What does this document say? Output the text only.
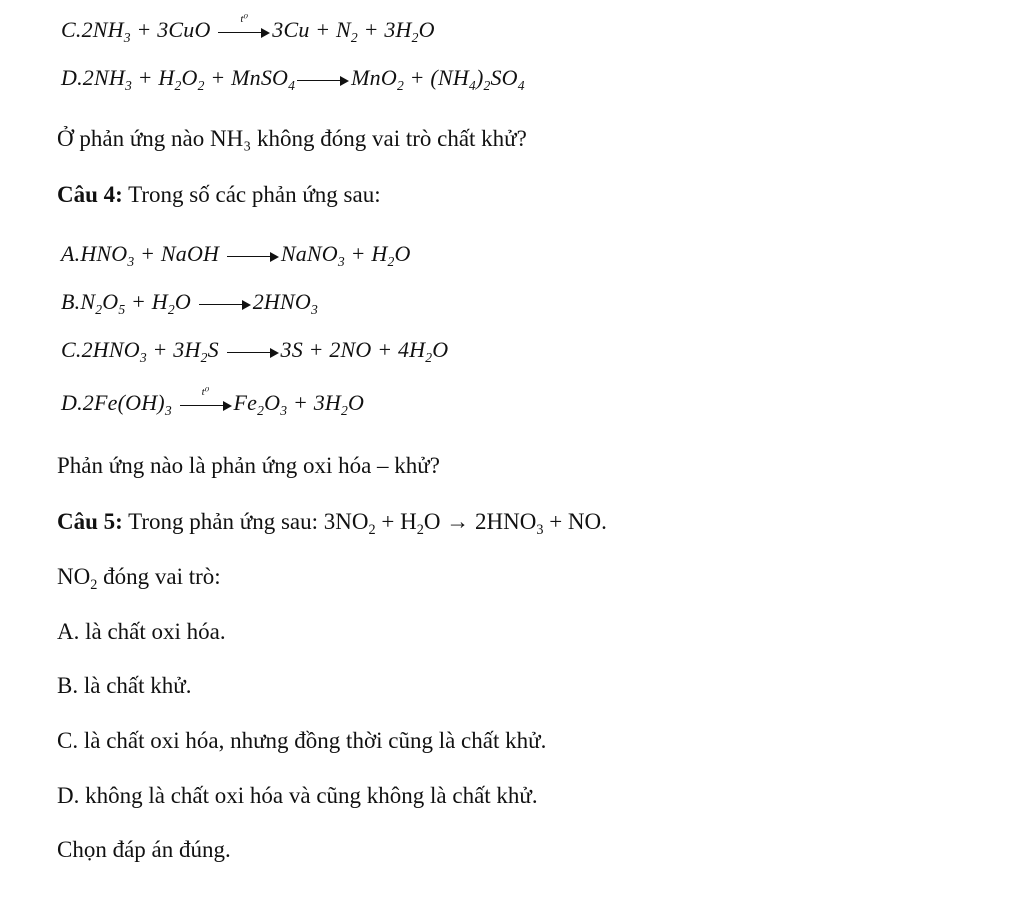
$C.2NH_3 + 3CuO$ t⁰ $3Cu + N_2 + 3H_2O$
$D.2NH_3 + H_2O_2$ + MnSO$_4$	$MnO_2 + (NH_4)_2SO_4$
Ở phản ứng nào NH₃ không đóng vai trò chất khử?
Câu 4: Trong số các phản ứng sau:
$A.HNO_3$ + NaOH	NaNO$_3$ + $H_2O$
$B.N_2O_5 + H_2O$	$2HNO_3$
$C.2HNO_3 + 3H_2S$	$3S + 2NO + 4H_2O$
$D.2Fe(OH)_3$
t⁰ $Fe_2O_3 + 3H_2O$
Phản ứng nào là phản ứng oxi hóa – khử?
Câu 5: Trong phản ứng sau: $3NO_2 + H_2O \to 2HNO_3$ + NO.
$NO_2$ đóng vai trò:
A. là chất oxi hóa.
B. là chất khử.
C. là chất oxi hóa, nhưng đồng thời cũng là chất khử.
D. không là chất oxi hóa và cũng không là chất khử.
Chọn đáp án đúng.
